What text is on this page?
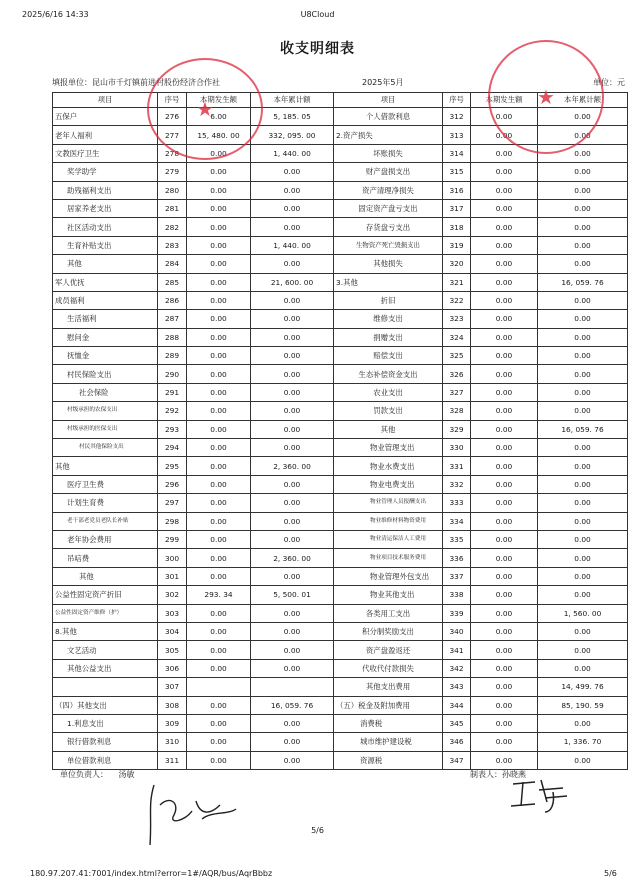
2025/6/16 14:33	U8Cloud
收支明细表
填报单位：昆山市千灯镇前进村股份经济合作社	2025年5月	单位：元
项目	序号	本期发生额	本年累计额	项目	序号	本期发生额	本年累计额
五保户	276	6.00	5, 185. 05	个人借款利息	312	0.00	0.00
老年人福利	277	15, 480. 00	332, 095. 00	2.资产损失	313	0.00	0.00
文教医疗卫生	278	0.00	1, 440. 00	坏账损失	314	0.00	0.00
奖学助学	279	0.00	0.00	财产盘损支出	315	0.00	0.00
助残福利支出	280	0.00	0.00	资产清理净损失	316	0.00	0.00
居家养老支出	281	0.00	0.00	固定资产盘亏支出	317	0.00	0.00
社区活动支出	282	0.00	0.00	存货盘亏支出	318	0.00	0.00
生育补贴支出	283	0.00	1, 440. 00	生物资产死亡毁损支出	319	0.00	0.00
其他	284	0.00	0.00	其他损失	320	0.00	0.00
军人优抚	285	0.00	21, 600. 00	3.其他	321	0.00	16, 059. 76
成员福利	286	0.00	0.00	折旧	322	0.00	0.00
生活福利	287	0.00	0.00	维修支出	323	0.00	0.00
慰问金	288	0.00	0.00	捐赠支出	324	0.00	0.00
抚恤金	289	0.00	0.00	赔偿支出	325	0.00	0.00
村民保险支出	290	0.00	0.00	生态补偿资金支出	326	0.00	0.00
社会保险	291	0.00	0.00	农业支出	327	0.00	0.00
村级承担的农保支出	292	0.00	0.00	罚款支出	328	0.00	0.00
村级承担的医保支出	293	0.00	0.00	其他	329	0.00	16, 059. 76
村民其他保险支出	294	0.00	0.00	物业管理支出	330	0.00	0.00
其他	295	0.00	2, 360. 00	物业水费支出	331	0.00	0.00
医疗卫生费	296	0.00	0.00	物业电费支出	332	0.00	0.00
计划生育费	297	0.00	0.00	物业管理人员报酬支出	333	0.00	0.00
老干部老党员老队长补贴	298	0.00	0.00	物业维修材料物资费用	334	0.00	0.00
老年协会费用	299	0.00	0.00	物业清运保洁人工费用	335	0.00	0.00
吊唁费	300	0.00	2, 360. 00	物业项目技术服务费用	336	0.00	0.00
其他	301	0.00	0.00	物业管理外包支出	337	0.00	0.00
公益性固定资产折旧	302	293. 34	5, 500. 01	物业其他支出	338	0.00	0.00
公益性固定资产维修（护）	303	0.00	0.00	各类用工支出	339	0.00	1, 560. 00
8.其他	304	0.00	0.00	积分制奖励支出	340	0.00	0.00
文艺活动	305	0.00	0.00	资产盘盈返还	341	0.00	0.00
其他公益支出	306	0.00	0.00	代收代付款损失	342	0.00	0.00
	307			其他支出费用	343	0.00	14, 499. 76
（四）其他支出	308	0.00	16, 059. 76	（五）税金及附加费用	344	0.00	85, 190. 59
1.利息支出	309	0.00	0.00	消费税	345	0.00	0.00
银行借款利息	310	0.00	0.00	城市维护建设税	346	0.00	1, 336. 70
单位借款利息	311	0.00	0.00	资源税	347	0.00	0.00
★	★
单位负责人： 汤敏	制表人：孙晓燕
5/6
180.97.207.41:7001/index.html?error=1#/AQR/bus/AqrBbbz	5/6
